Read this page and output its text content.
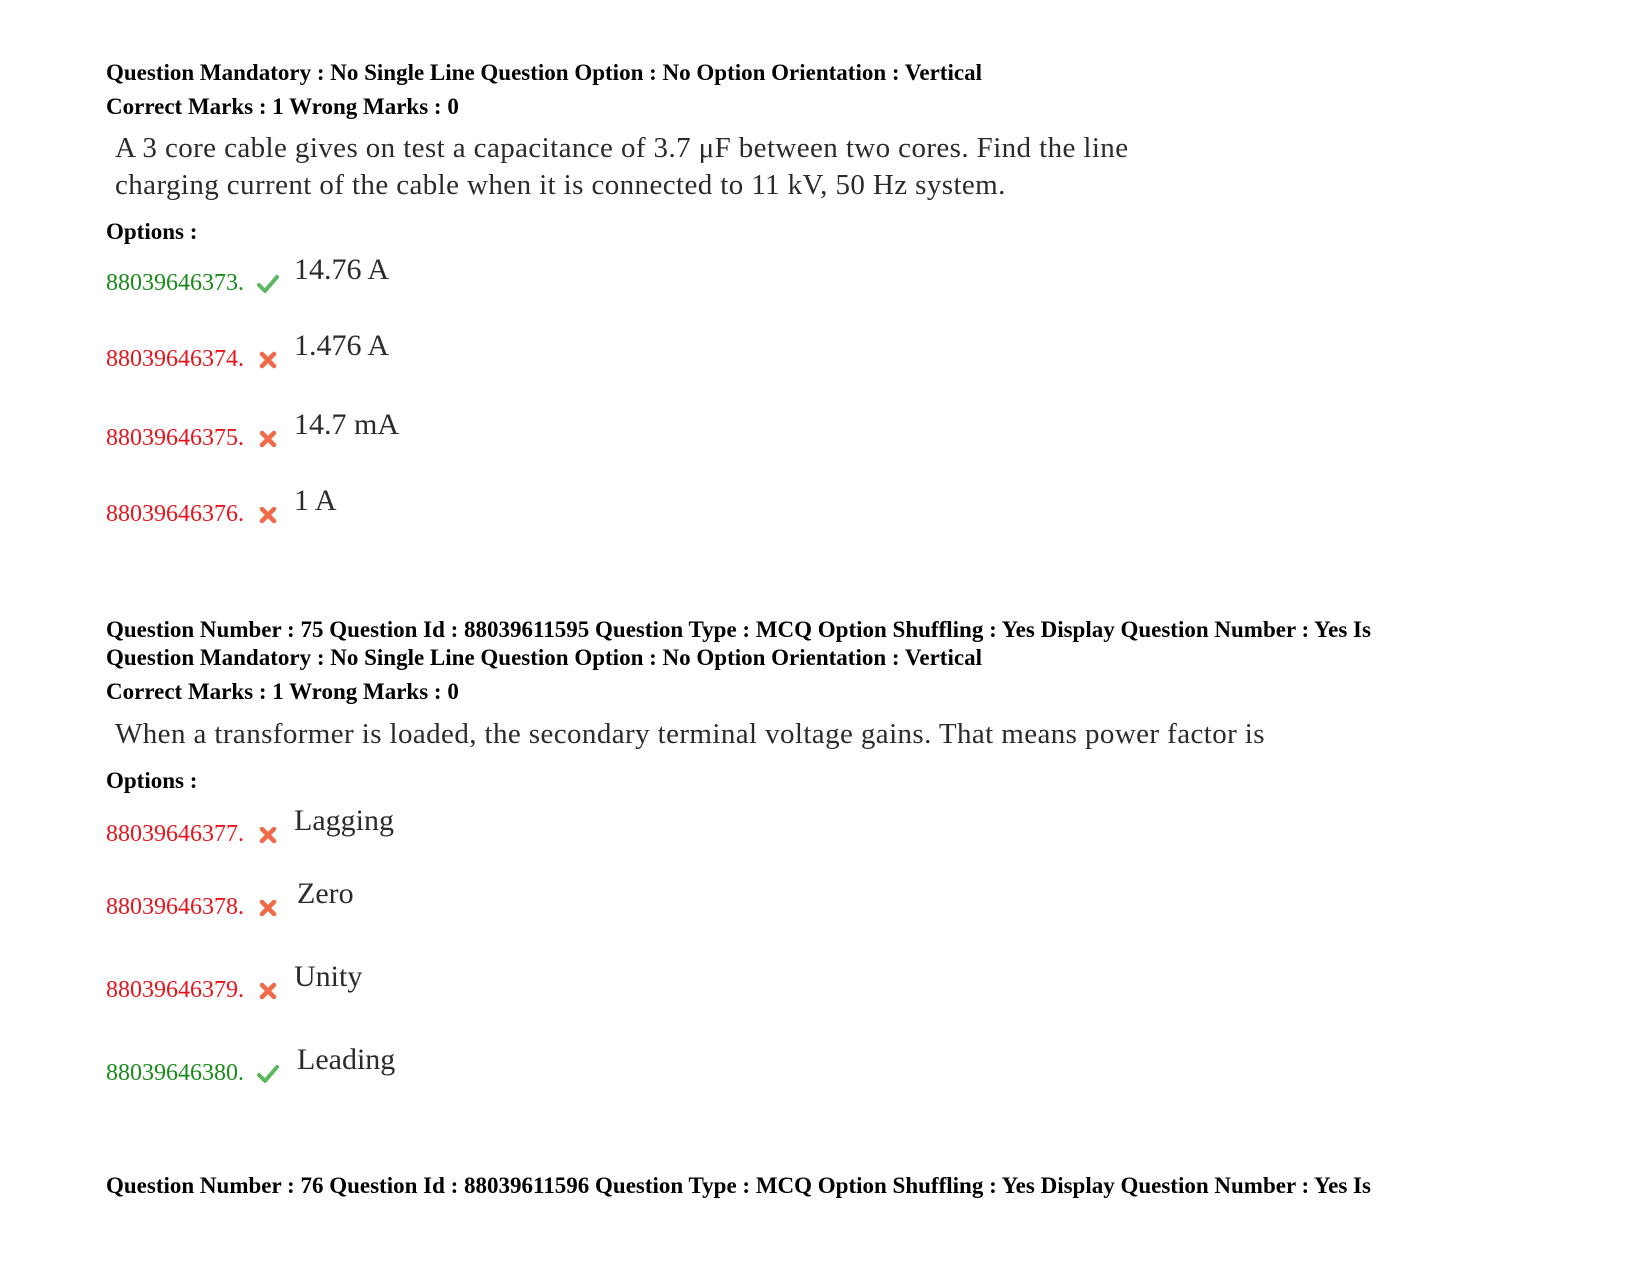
Question Mandatory : No Single Line Question Option : No Option Orientation : Vertical
Correct Marks : 1 Wrong Marks : 0
A 3 core cable gives on test a capacitance of 3.7 μF between two cores. Find the line
charging current of the cable when it is connected to 11 kV, 50 Hz system.
Options :
88039646373. 14.76 A
88039646374. 1.476 A
88039646375. 14.7 mA
88039646376. 1 A
Question Number : 75 Question Id : 88039611595 Question Type : MCQ Option Shuffling : Yes Display Question Number : Yes Is
Question Mandatory : No Single Line Question Option : No Option Orientation : Vertical
Correct Marks : 1 Wrong Marks : 0
When a transformer is loaded, the secondary terminal voltage gains. That means power factor is
Options :
88039646377. Lagging
88039646378. Zero
88039646379. Unity
88039646380. Leading
Question Number : 76 Question Id : 88039611596 Question Type : MCQ Option Shuffling : Yes Display Question Number : Yes Is
